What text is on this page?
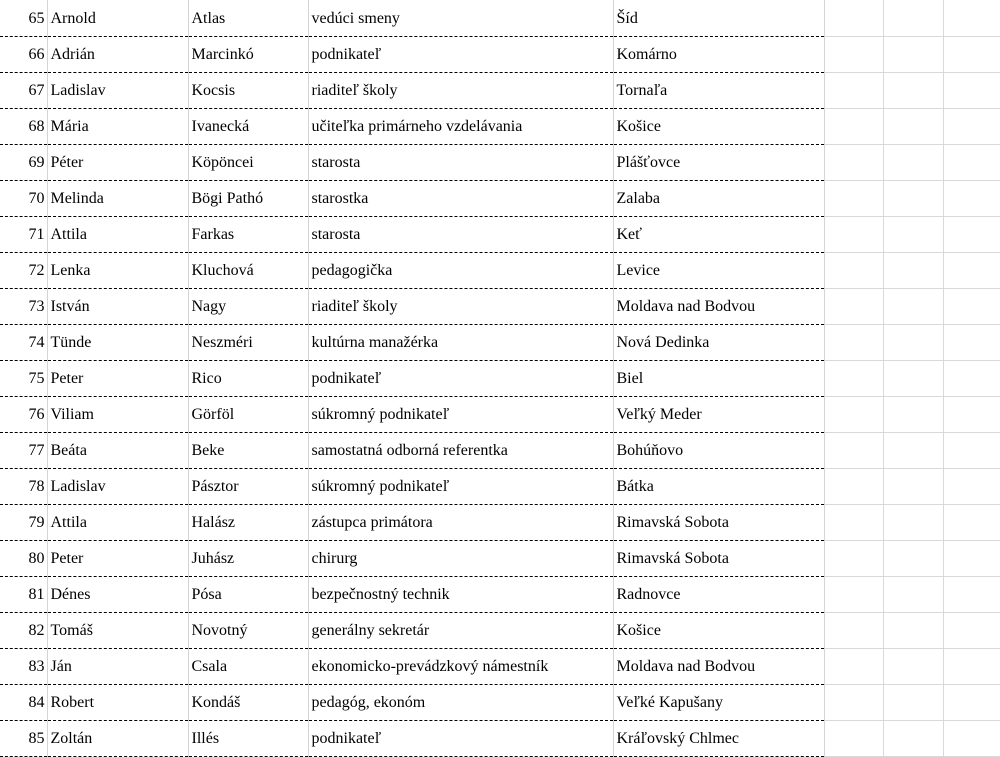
65	Arnold	Atlas	vedúci smeny	Šíd			
66	Adrián	Marcinkó	podnikateľ	Komárno			
67	Ladislav	Kocsis	riaditeľ školy	Tornaľa			
68	Mária	Ivanecká	učiteľka primárneho vzdelávania	Košice			
69	Péter	Köpöncei	starosta	Plášťovce			
70	Melinda	Bögi Pathó	starostka	Zalaba			
71	Attila	Farkas	starosta	Keť			
72	Lenka	Kluchová	pedagogička	Levice			
73	István	Nagy	riaditeľ školy	Moldava nad Bodvou			
74	Tünde	Neszméri	kultúrna manažérka	Nová Dedinka			
75	Peter	Rico	podnikateľ	Biel			
76	Viliam	Görföl	súkromný podnikateľ	Veľký Meder			
77	Beáta	Beke	samostatná odborná referentka	Bohúňovo			
78	Ladislav	Pásztor	súkromný podnikateľ	Bátka			
79	Attila	Halász	zástupca primátora	Rimavská Sobota			
80	Peter	Juhász	chirurg	Rimavská Sobota			
81	Dénes	Pósa	bezpečnostný technik	Radnovce			
82	Tomáš	Novotný	generálny sekretár	Košice			
83	Ján	Csala	ekonomicko-prevádzkový námestník	Moldava nad Bodvou			
84	Robert	Kondáš	pedagóg, ekonóm	Veľké Kapušany			
85	Zoltán	Illés	podnikateľ	Kráľovský Chlmec			
